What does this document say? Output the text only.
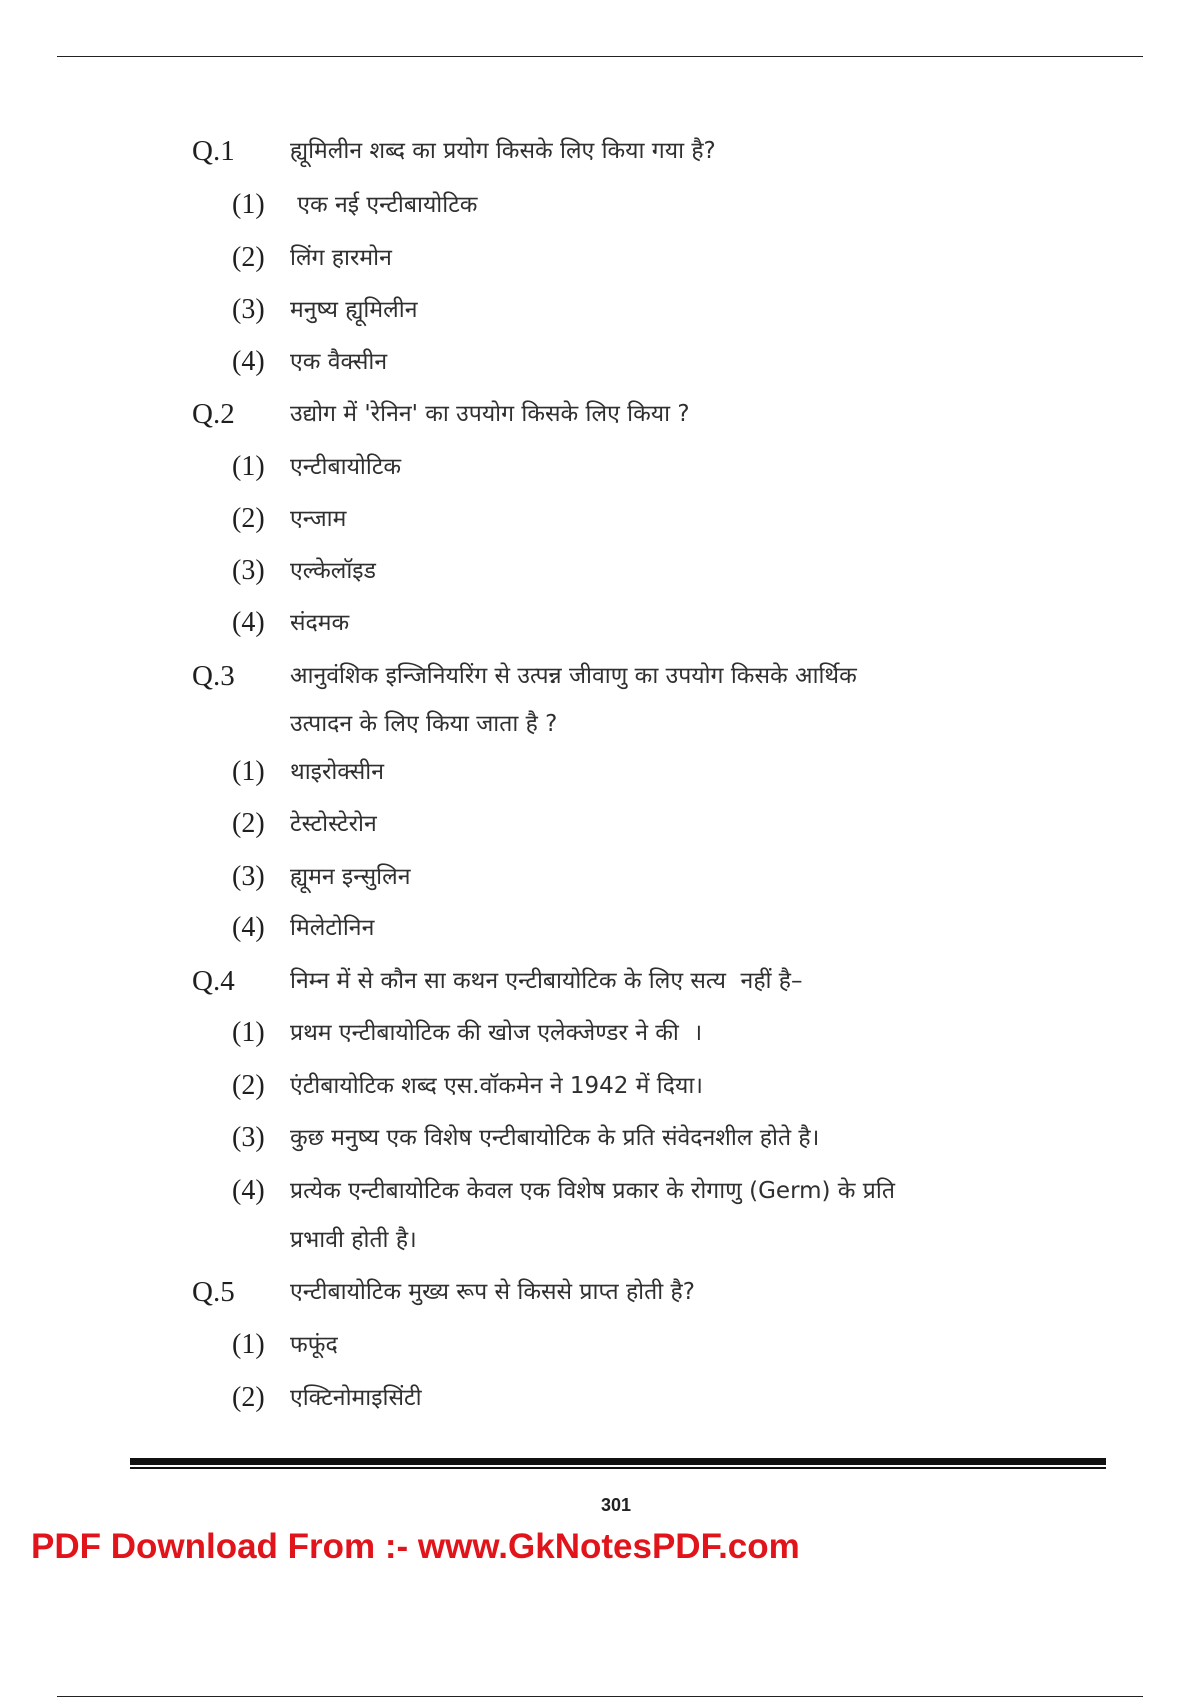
Q.1 ह्यूमिलीन शब्द का प्रयोग किसके लिए किया गया है?
(1) एक नई एन्टीबायोटिक
(2) लिंग हारमोन
(3) मनुष्य ह्यूमिलीन
(4) एक वैक्सीन
Q.2 उद्योग में 'रेनिन' का उपयोग किसके लिए किया ?
(1) एन्टीबायोटिक
(2) एन्जाम
(3) एल्केलॉइड
(4) संदमक
Q.3 आनुवंशिक इन्जिनियरिंग से उत्पन्न जीवाणु का उपयोग किसके आर्थिक
उत्पादन के लिए किया जाता है ?
(1) थाइरोक्सीन
(2) टेस्टोस्टेरोन
(3) ह्यूमन इन्सुलिन
(4) मिलेटोनिन
Q.4 निम्न में से कौन सा कथन एन्टीबायोटिक के लिए सत्य  नहीं है–
(1) प्रथम एन्टीबायोटिक की खोज एलेक्जेण्डर ने की  ।
(2) एंटीबायोटिक शब्द एस.वॉकमेन ने 1942 में दिया।
(3) कुछ मनुष्य एक विशेष एन्टीबायोटिक के प्रति संवेदनशील होते है।
(4) प्रत्येक एन्टीबायोटिक केवल एक विशेष प्रकार के रोगाणु (Germ) के प्रति
प्रभावी होती है।
Q.5 एन्टीबायोटिक मुख्य रूप से किससे प्राप्त होती है?
(1) फफूंद
(2) एक्टिनोमाइसिंटी
301
PDF Download From :- www.GkNotesPDF.com
